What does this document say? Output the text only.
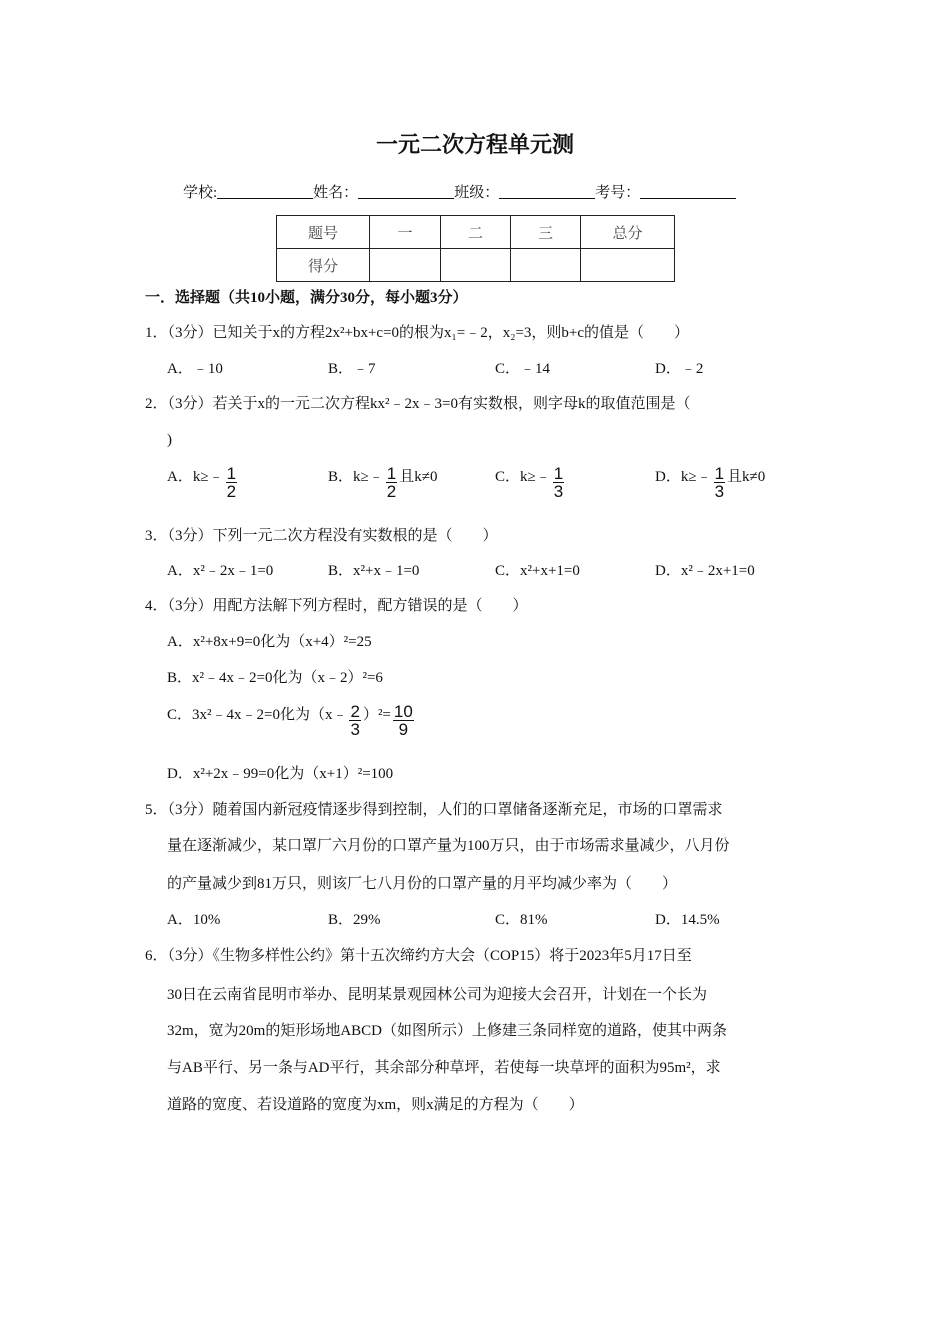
一元二次方程单元测
学校:	姓名：	班级：	考号：
题号	一	二	三	总分
得分				
一．选择题（共10小题，满分30分，每小题3分）
1．（3分）已知关于x的方程2x²+bx+c=0的根为x₁=﹣2，x₂=3，则b+c的值是（　　）
A．﹣10	B．﹣7	C．﹣14	D．﹣2
2．（3分）若关于x的一元二次方程kx²﹣2x﹣3=0有实数根，则字母k的取值范围是（
)
A．k≥﹣ $\frac{1}{2}$	B．k≥﹣ $\frac{1}{2}$ 且k≠0	C．k≥﹣ $\frac{1}{3}$	D．k≥﹣ $\frac{1}{3}$ 且k≠0
3．（3分）下列一元二次方程没有实数根的是（　　）
A．x²﹣2x﹣1=0	B．x²+x﹣1=0	C．x²+x+1=0	D．x²﹣2x+1=0
4．（3分）用配方法解下列方程时，配方错误的是（　　）
A．x²+8x+9=0化为（x+4）²=25
B．x²﹣4x﹣2=0化为（x﹣2）²=6
C．3x²﹣4x﹣2=0化为（x﹣ $\frac{2}{3} )^2= \frac{10}{9}$
D．x²+2x﹣99=0化为（x+1）²=100
5．（3分）随着国内新冠疫情逐步得到控制，人们的口罩储备逐渐充足，市场的口罩需求
量在逐渐减少，某口罩厂六月份的口罩产量为100万只，由于市场需求量减少，八月份
的产量减少到81万只，则该厂七八月份的口罩产量的月平均减少率为（　　）
A．10%	B．29%	C．81%	D．14.5%
6．（3分）《生物多样性公约》第十五次缔约方大会（COP15）将于2023年5月17日至
30日在云南省昆明市举办、昆明某景观园林公司为迎接大会召开，计划在一个长为
32m，宽为20m的矩形场地ABCD（如图所示）上修建三条同样宽的道路，使其中两条
与AB平行、另一条与AD平行，其余部分种草坪，若使每一块草坪的面积为95m²，求
道路的宽度、若设道路的宽度为xm，则x满足的方程为（　　）
